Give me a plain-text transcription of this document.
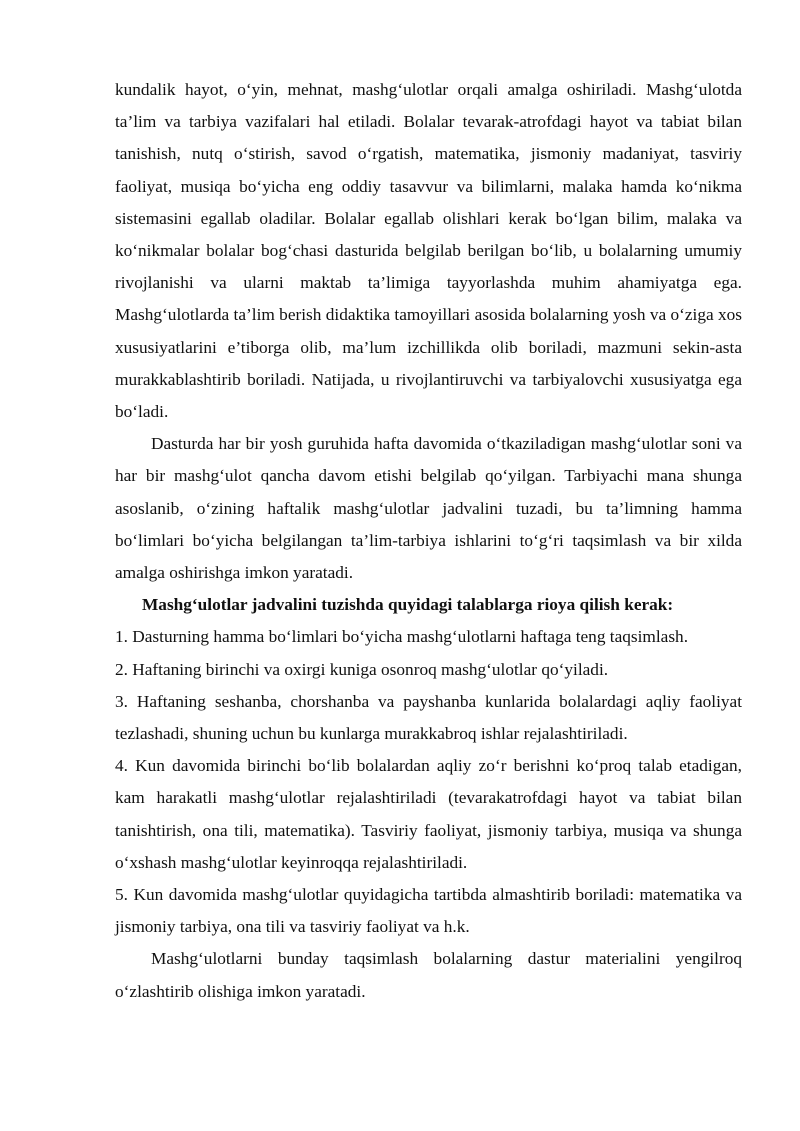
kundalik hayot, o‘yin, mehnat, mashg‘ulotlar orqali amalga oshiriladi. Mashg‘ulotda ta’lim va tarbiya vazifalari hal etiladi. Bolalar tevarak-atrofdagi hayot va tabiat bilan tanishish, nutq o‘stirish, savod o‘rgatish, matematika, jismoniy madaniyat, tasviriy faoliyat, musiqa bo‘yicha eng oddiy tasavvur va bilimlarni, malaka hamda ko‘nikma sistemasini egallab oladilar. Bolalar egallab olishlari kerak bo‘lgan bilim, malaka va ko‘nikmalar bolalar bog‘chasi dasturida belgilab berilgan bo‘lib, u bolalarning umumiy rivojlanishi va ularni maktab ta’limiga tayyorlashda muhim ahamiyatga ega. Mashg‘ulotlarda ta’lim berish didaktika tamoyillari asosida bolalarning yosh va o‘ziga xos xususiyatlarini e’tiborga olib, ma’lum izchillikda olib boriladi, mazmuni sekin-asta murakkablashtirib boriladi. Natijada, u rivojlantiruvchi va tarbiyalovchi xususiyatga ega bo‘ladi.

Dasturda har bir yosh guruhida hafta davomida o‘tkaziladigan mashg‘ulotlar soni va har bir mashg‘ulot qancha davom etishi belgilab qo‘yilgan. Tarbiyachi mana shunga asoslanib, o‘zining haftalik mashg‘ulotlar jadvalini tuzadi, bu ta’limning hamma bo‘limlari bo‘yicha belgilangan ta’lim-tarbiya ishlarini to‘g‘ri taqsimlash va bir xilda amalga oshirishga imkon yaratadi.

Mashg‘ulotlar jadvalini tuzishda quyidagi talablarga rioya qilish kerak:

1. Dasturning hamma bo‘limlari bo‘yicha mashg‘ulotlarni haftaga teng taqsimlash.

2. Haftaning birinchi va oxirgi kuniga osonroq mashg‘ulotlar qo‘yiladi.

3. Haftaning seshanba, chorshanba va payshanba kunlarida bolalardagi aqliy faoliyat tezlashadi, shuning uchun bu kunlarga murakkabroq ishlar rejalashtiriladi.

4. Kun davomida birinchi bo‘lib bolalardan aqliy zo‘r berishni ko‘proq talab etadigan, kam harakatli mashg‘ulotlar rejalashtiriladi (tevarakatrofdagi hayot va tabiat bilan tanishtirish, ona tili, matematika). Tasviriy faoliyat, jismoniy tarbiya, musiqa va shunga o‘xshash mashg‘ulotlar keyinroqqa rejalashtiriladi.

5. Kun davomida mashg‘ulotlar quyidagicha tartibda almashtirib boriladi: matematika va jismoniy tarbiya, ona tili va tasviriy faoliyat va h.k.

Mashg‘ulotlarni bunday taqsimlash bolalarning dastur materialini yengilroq o‘zlashtirib olishiga imkon yaratadi.
